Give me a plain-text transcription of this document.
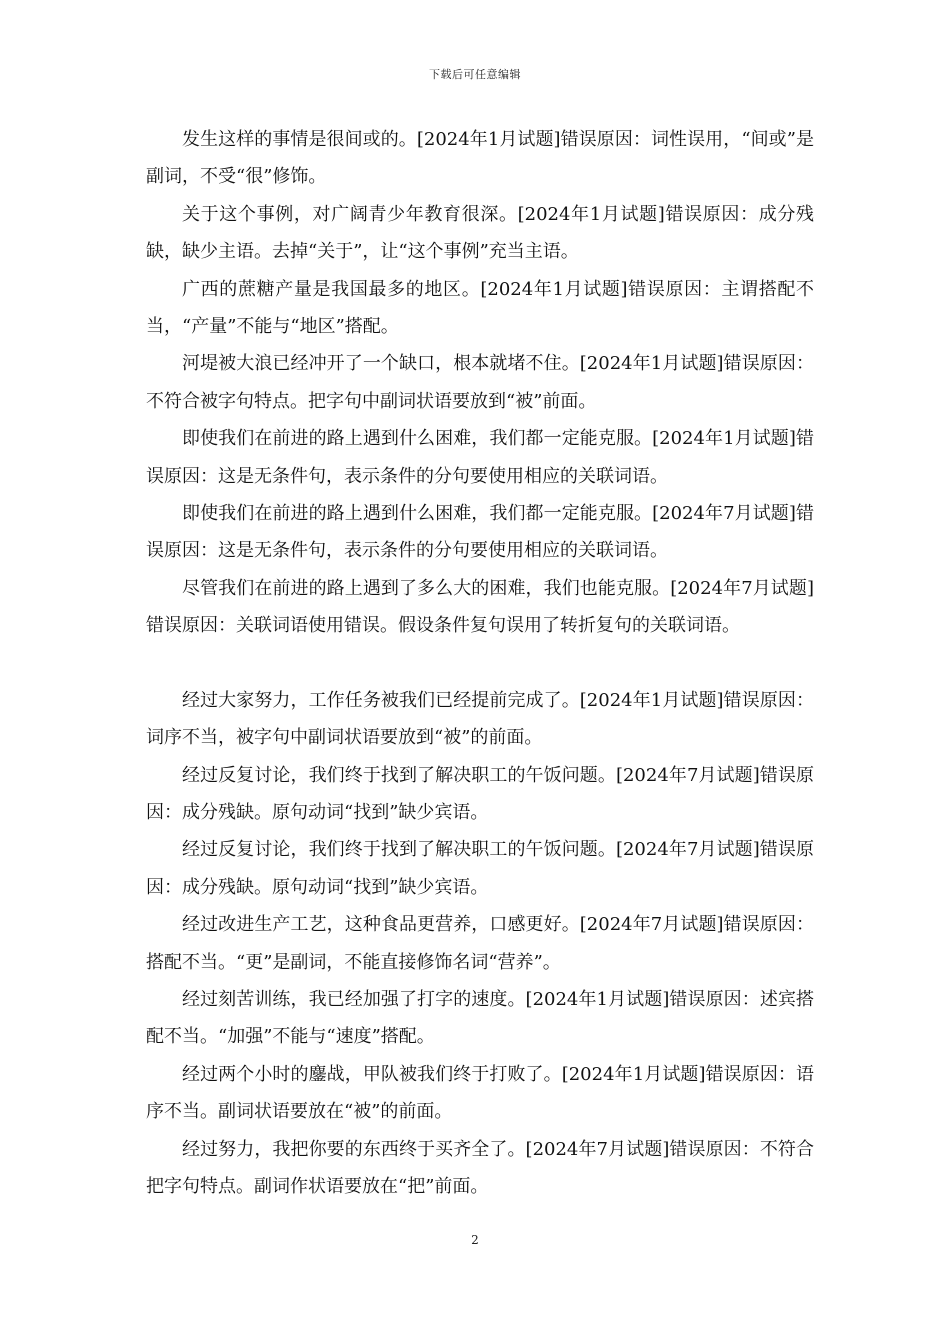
下载后可任意编辑

发生这样的事情是很间或的。[2024年1月试题]错误原因：词性误用，“间或”是副词，不受“很”修饰。

关于这个事例，对广阔青少年教育很深。[2024年1月试题]错误原因：成分残缺，缺少主语。去掉“关于”，让“这个事例”充当主语。

广西的蔗糖产量是我国最多的地区。[2024年1月试题]错误原因：主谓搭配不当，“产量”不能与“地区”搭配。

河堤被大浪已经冲开了一个缺口，根本就堵不住。[2024年1月试题]错误原因：不符合被字句特点。把字句中副词状语要放到“被”前面。

即使我们在前进的路上遇到什么困难，我们都一定能克服。[2024年1月试题]错误原因：这是无条件句，表示条件的分句要使用相应的关联词语。

即使我们在前进的路上遇到什么困难，我们都一定能克服。[2024年7月试题]错误原因：这是无条件句，表示条件的分句要使用相应的关联词语。

尽管我们在前进的路上遇到了多么大的困难，我们也能克服。[2024年7月试题]错误原因：关联词语使用错误。假设条件复句误用了转折复句的关联词语。

经过大家努力，工作任务被我们已经提前完成了。[2024年1月试题]错误原因：词序不当，被字句中副词状语要放到“被”的前面。

经过反复讨论，我们终于找到了解决职工的午饭问题。[2024年7月试题]错误原因：成分残缺。原句动词“找到”缺少宾语。

经过反复讨论，我们终于找到了解决职工的午饭问题。[2024年7月试题]错误原因：成分残缺。原句动词“找到”缺少宾语。

经过改进生产工艺，这种食品更营养，口感更好。[2024年7月试题]错误原因：搭配不当。“更”是副词，不能直接修饰名词“营养”。

经过刻苦训练，我已经加强了打字的速度。[2024年1月试题]错误原因：述宾搭配不当。“加强”不能与“速度”搭配。

经过两个小时的鏖战，甲队被我们终于打败了。[2024年1月试题]错误原因：语序不当。副词状语要放在“被”的前面。

经过努力，我把你要的东西终于买齐全了。[2024年7月试题]错误原因：不符合把字句特点。副词作状语要放在“把”前面。

2
